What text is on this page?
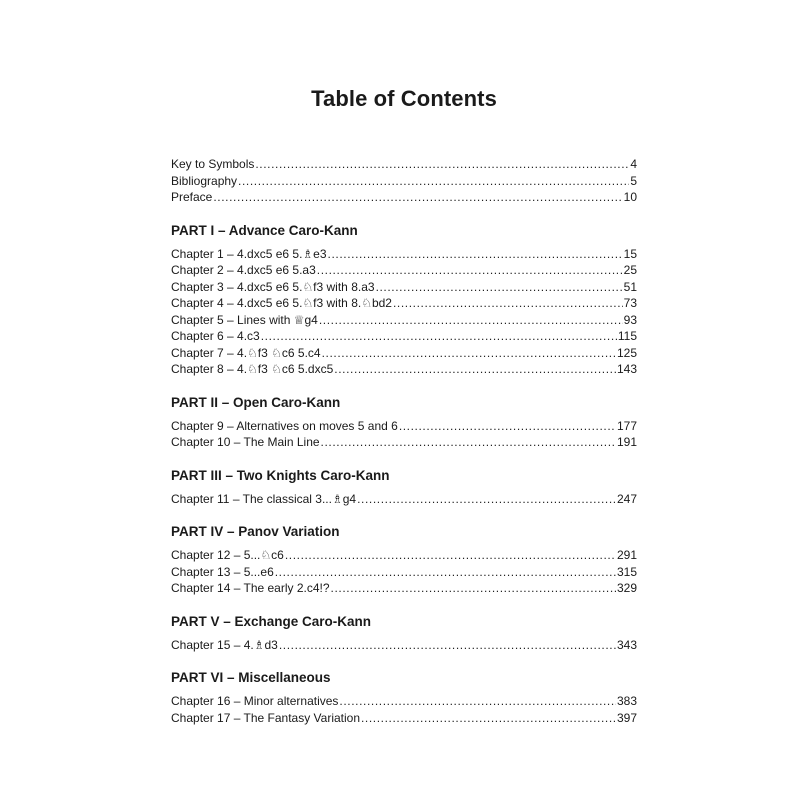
Table of Contents
Key to Symbols .....	4
Bibliography .....	5
Preface .....	10
PART I – Advance Caro-Kann
Chapter 1 – 4.dxc5 e6 5.♗e3 .....	15
Chapter 2 – 4.dxc5 e6 5.a3 .....	25
Chapter 3 – 4.dxc5 e6 5.♘f3 with 8.a3 .....	51
Chapter 4 – 4.dxc5 e6 5.♘f3 with 8.♘bd2 .....	73
Chapter 5 – Lines with ♕g4 .....	93
Chapter 6 – 4.c3 .....	115
Chapter 7 – 4.♘f3 ♘c6 5.c4 .....	125
Chapter 8 – 4.♘f3 ♘c6 5.dxc5 .....	143
PART II – Open Caro-Kann
Chapter 9 – Alternatives on moves 5 and 6 .....	177
Chapter 10 – The Main Line .....	191
PART III – Two Knights Caro-Kann
Chapter 11 – The classical 3...♗g4 .....	247
PART IV – Panov Variation
Chapter 12 – 5...♘c6 .....	291
Chapter 13 – 5...e6 .....	315
Chapter 14 – The early 2.c4!? .....	329
PART V – Exchange Caro-Kann
Chapter 15 – 4.♗d3 .....	343
PART VI – Miscellaneous
Chapter 16 – Minor alternatives .....	383
Chapter 17 – The Fantasy Variation .....	397
